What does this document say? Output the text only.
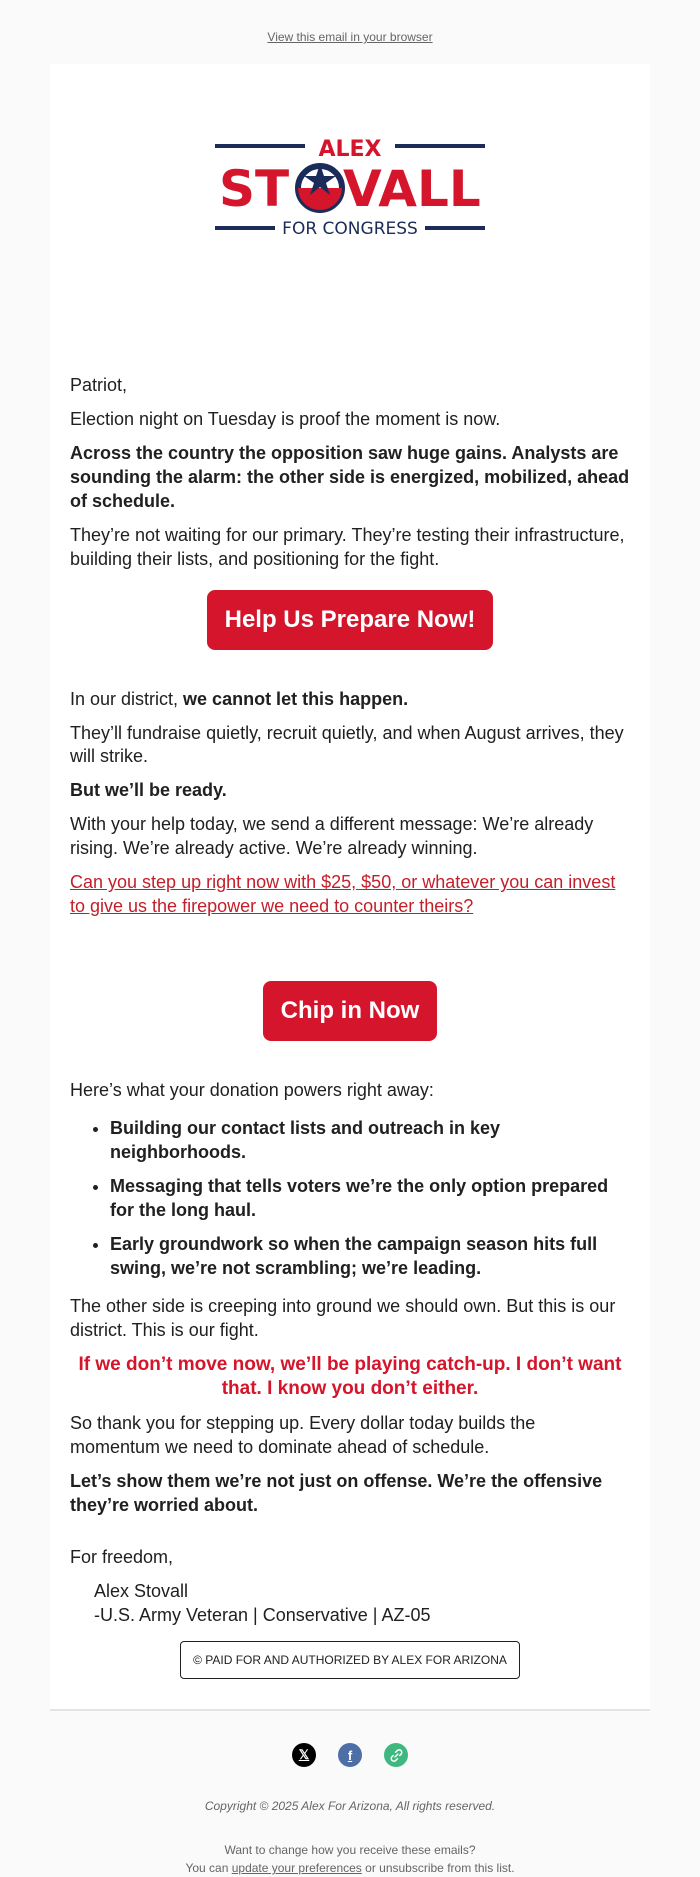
View this email in your browser
ALEX
ST VALL
FOR CONGRESS

Patriot,

Election night on Tuesday is proof the moment is now.

Across the country the opposition saw huge gains. Analysts are sounding the alarm: the other side is energized, mobilized, ahead of schedule.

They’re not waiting for our primary. They’re testing their infrastructure, building their lists, and positioning for the fight.

Help Us Prepare Now!

In our district, we cannot let this happen.

They’ll fundraise quietly, recruit quietly, and when August arrives, they will strike.

But we’ll be ready.

With your help today, we send a different message: We’re already rising. We’re already active. We’re already winning.

Can you step up right now with $25, $50, or whatever you can invest to give us the firepower we need to counter theirs?

Chip in Now

Here’s what your donation powers right away:

• Building our contact lists and outreach in key neighborhoods.
• Messaging that tells voters we’re the only option prepared for the long haul.
• Early groundwork so when the campaign season hits full swing, we’re not scrambling; we’re leading.

The other side is creeping into ground we should own. But this is our district. This is our fight.

If we don’t move now, we’ll be playing catch-up. I don’t want that. I know you don’t either.

So thank you for stepping up. Every dollar today builds the momentum we need to dominate ahead of schedule.

Let’s show them we’re not just on offense. We’re the offensive they’re worried about.

For freedom,

Alex Stovall
-U.S. Army Veteran | Conservative | AZ-05
© PAID FOR AND AUTHORIZED BY ALEX FOR ARIZONA
𝕏	f
Copyright © 2025 Alex For Arizona, All rights reserved.
Want to change how you receive these emails?
You can update your preferences or unsubscribe from this list.
